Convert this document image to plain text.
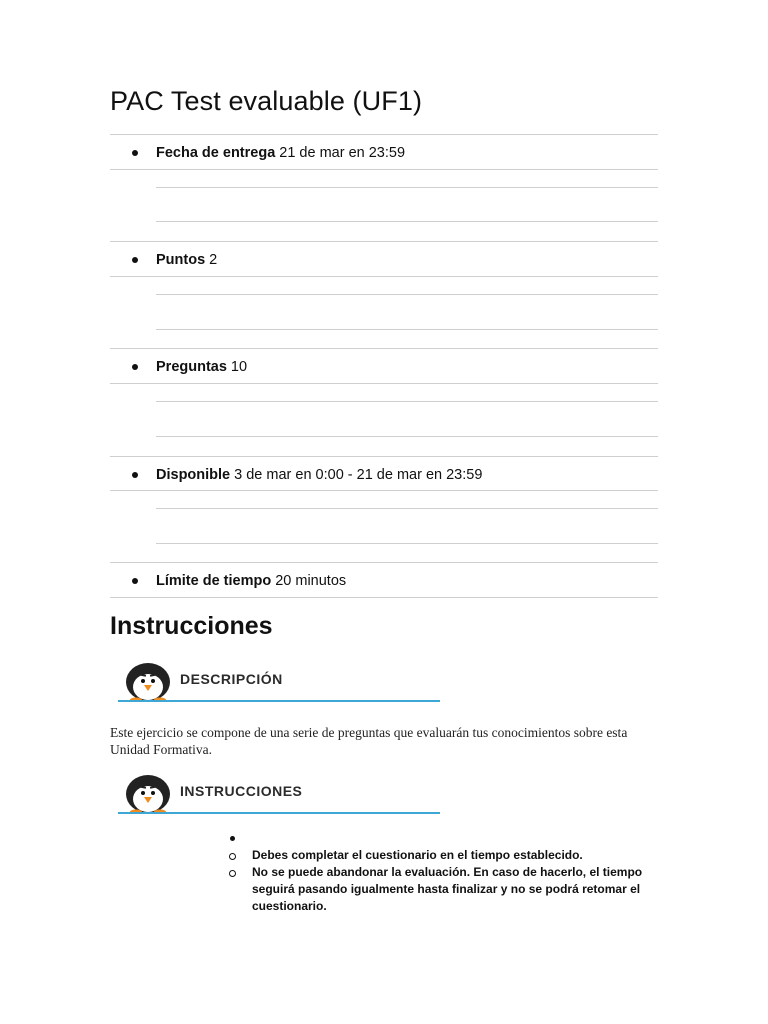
PAC Test evaluable (UF1)
Fecha de entrega 21 de mar en 23:59
Puntos 2
Preguntas 10
Disponible 3 de mar en 0:00 - 21 de mar en 23:59
Límite de tiempo 20 minutos
Instrucciones
DESCRIPCIÓN

Este ejercicio se compone de una serie de preguntas que evaluarán tus conocimientos sobre esta Unidad Formativa.

INSTRUCCIONES
Debes completar el cuestionario en el tiempo establecido.
No se puede abandonar la evaluación. En caso de hacerlo, el tiempo seguirá pasando igualmente hasta finalizar y no se podrá retomar el cuestionario.
